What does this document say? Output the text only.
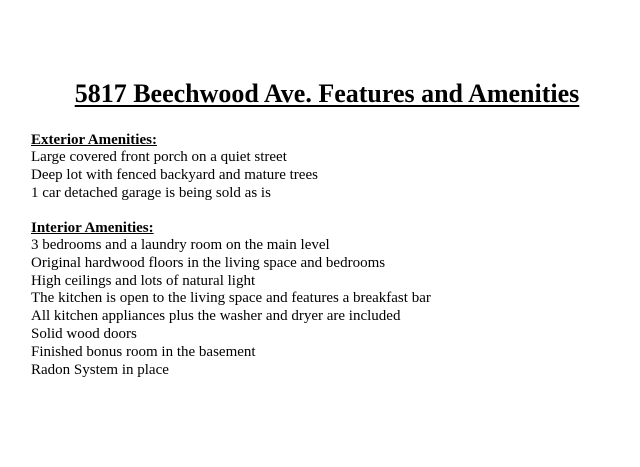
5817 Beechwood Ave. Features and Amenities
Exterior Amenities:
Large covered front porch on a quiet street
Deep lot with fenced backyard and mature trees
1 car detached garage is being sold as is
Interior Amenities:
3 bedrooms and a laundry room on the main level
Original hardwood floors in the living space and bedrooms
High ceilings and lots of natural light
The kitchen is open to the living space and features a breakfast bar
All kitchen appliances plus the washer and dryer are included
Solid wood doors
Finished bonus room in the basement
Radon System in place
